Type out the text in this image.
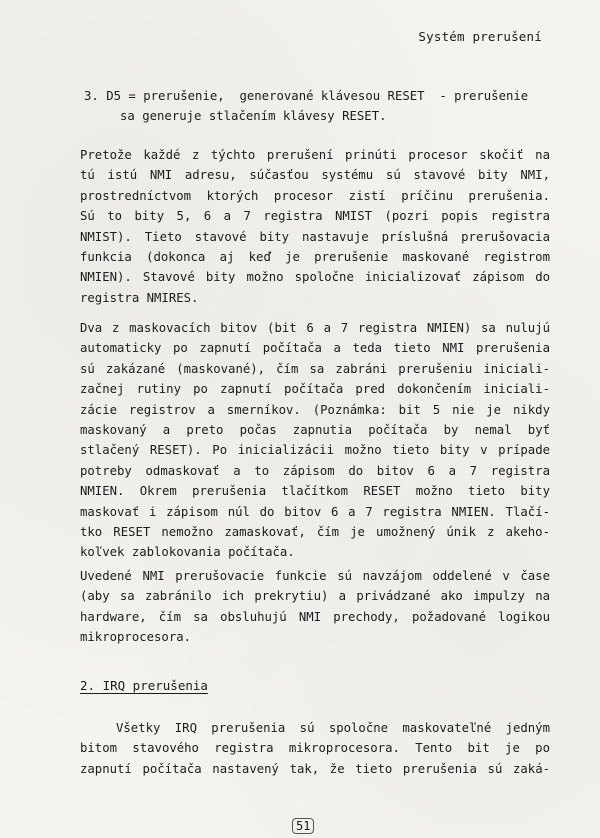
Systém prerušení
3. D5 = prerušenie,  generované klávesou RESET  - prerušenie
sa generuje stlačením klávesy RESET.
Pretože každé z týchto prerušení prinúti procesor skočiť na
tú istú NMI adresu, súčasťou systému sú stavové bity NMI,
prostredníctvom ktorých procesor zistí príčinu prerušenia.
Sú to bity 5, 6 a 7 registra NMIST (pozri popis registra
NMIST). Tieto stavové bity nastavuje príslušná prerušovacia
funkcia (dokonca aj keď je prerušenie maskované registrom
NMIEN). Stavové bity možno spoločne inicializovať zápisom do
registra NMIRES.
Dva z maskovacích bitov (bit 6 a 7 registra NMIEN) sa nulujú
automaticky po zapnutí počítača a teda tieto NMI prerušenia
sú zakázané (maskované), čím sa zabráni prerušeniu iniciali-
začnej rutiny po zapnutí počítača pred dokončením iniciali-
zácie registrov a smerníkov. (Poznámka: bit 5 nie je nikdy
maskovaný a preto počas zapnutia počítača by nemal byť
stlačený RESET). Po inicializácii možno tieto bity v prípade
potreby odmaskovať a to zápisom do bitov 6 a 7 registra
NMIEN. Okrem prerušenia tlačítkom RESET možno tieto bity
maskovať i zápisom núl do bitov 6 a 7 registra NMIEN. Tlačí-
tko RESET nemožno zamaskovať, čím je umožnený únik z akeho-
koľvek zablokovania počítača.
Uvedené NMI prerušovacie funkcie sú navzájom oddelené v čase
(aby sa zabránilo ich prekrytiu) a privádzané ako impulzy na
hardware, čím sa obsluhujú NMI prechody, požadované logikou
mikroprocesora.
2. IRQ prerušenia
Všetky IRQ prerušenia sú spoločne maskovateľné jedným
bitom stavového registra mikroprocesora. Tento bit je po
zapnutí počítača nastavený tak, že tieto prerušenia sú zaká-
51
